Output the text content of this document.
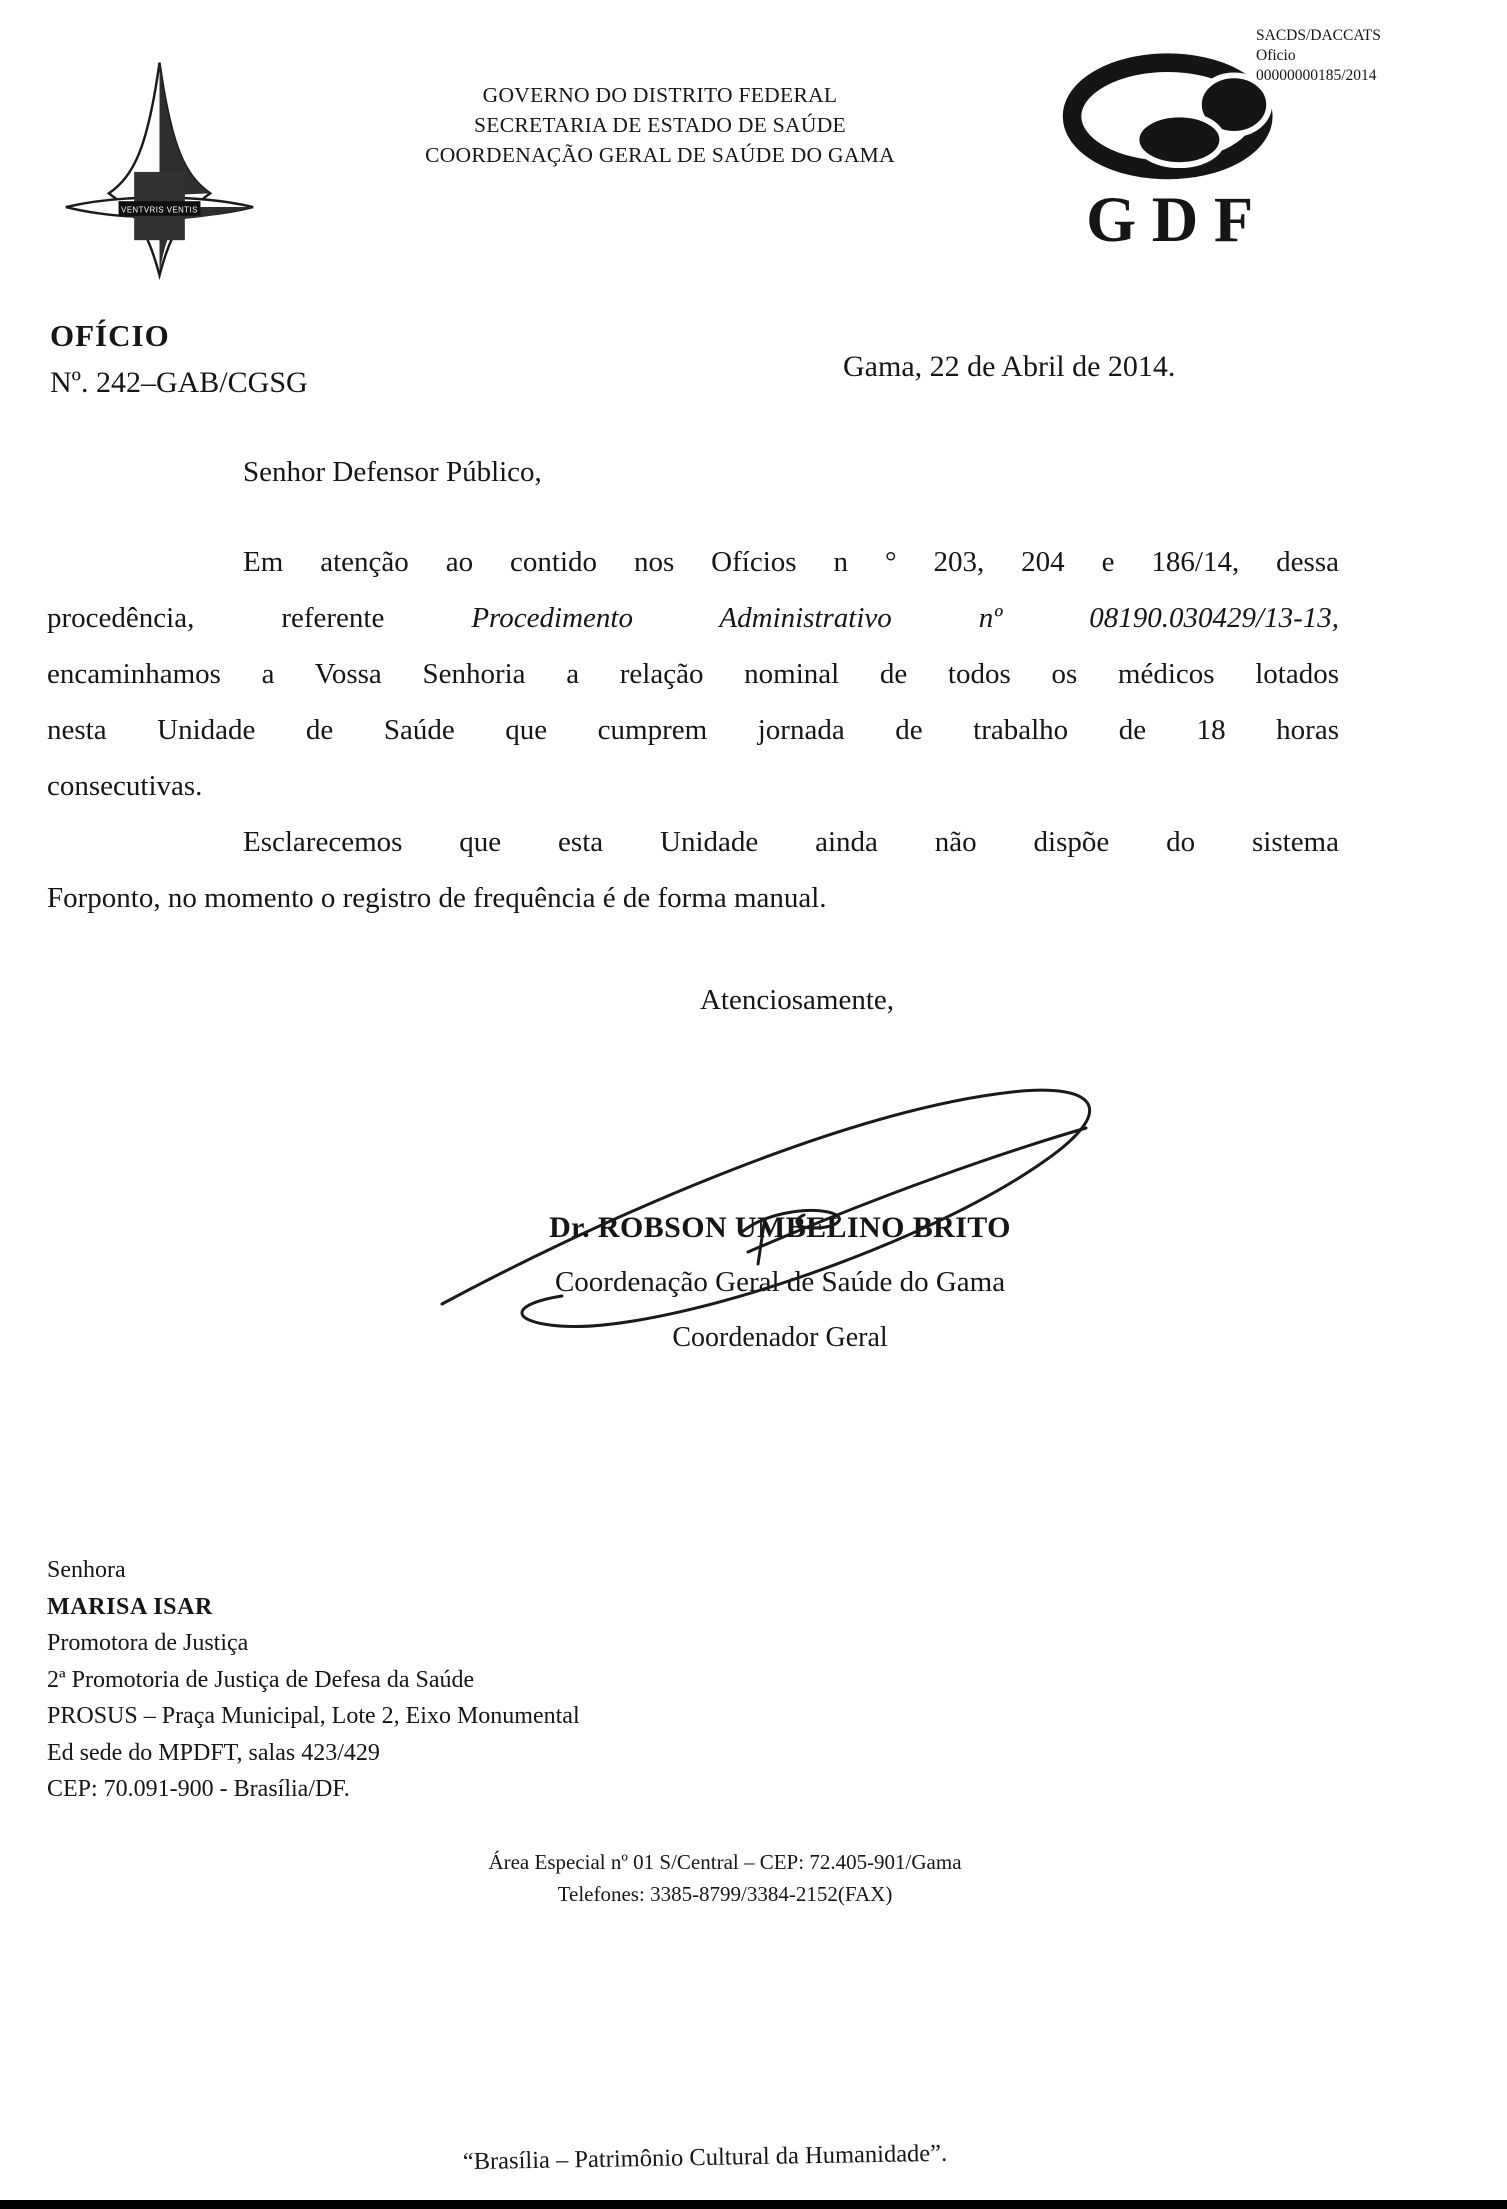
VENTVRIS VENTIS
GOVERNO DO DISTRITO FEDERAL
SECRETARIA DE ESTADO DE SAÚDE
COORDENAÇÃO GERAL DE SAÚDE DO GAMA
GDF
SACDS/DACCATS
Oficio
00000000185/2014
OFÍCIO
Nº. 242–GAB/CGSG	Gama, 22 de Abril de 2014.
Senhor Defensor Público,
Em atenção ao contido nos Ofícios n ° 203, 204 e 186/14, dessa
procedência, referente Procedimento Administrativo nº 08190.030429/13-13,
encaminhamos a Vossa Senhoria a relação nominal de todos os médicos lotados
nesta Unidade de Saúde que cumprem jornada de trabalho de 18 horas
consecutivas.
Esclarecemos que esta Unidade ainda não dispõe do sistema
Forponto, no momento o registro de frequência é de forma manual.
Atenciosamente,
Dr. ROBSON UMBELINO BRITO
Coordenação Geral de Saúde do Gama
Coordenador Geral
Senhora
MARISA ISAR
Promotora de Justiça
2ª Promotoria de Justiça de Defesa da Saúde
PROSUS – Praça Municipal, Lote 2, Eixo Monumental
Ed sede do MPDFT, salas 423/429
CEP: 70.091-900 - Brasília/DF.
Área Especial nº 01 S/Central – CEP: 72.405-901/Gama
Telefones: 3385-8799/3384-2152(FAX)
“Brasília – Patrimônio Cultural da Humanidade”.
